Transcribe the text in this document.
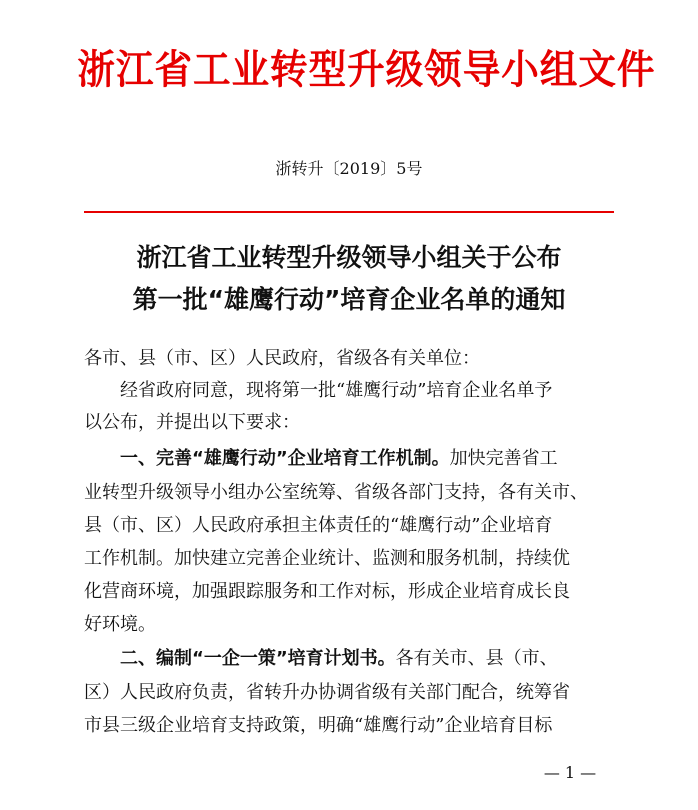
浙江省工业转型升级领导小组文件
浙转升〔2019〕5号
浙江省工业转型升级领导小组关于公布
第一批“雄鹰行动”培育企业名单的通知
各市、县（市、区）人民政府，省级各有关单位：
经省政府同意，现将第一批“雄鹰行动”培育企业名单予
以公布，并提出以下要求：
一、完善“雄鹰行动”企业培育工作机制。加快完善省工
业转型升级领导小组办公室统筹、省级各部门支持，各有关市、
县（市、区）人民政府承担主体责任的“雄鹰行动”企业培育
工作机制。加快建立完善企业统计、监测和服务机制，持续优
化营商环境，加强跟踪服务和工作对标，形成企业培育成长良
好环境。
二、编制“一企一策”培育计划书。各有关市、县（市、
区）人民政府负责，省转升办协调省级有关部门配合，统筹省
市县三级企业培育支持政策，明确“雄鹰行动”企业培育目标
— 1 —
